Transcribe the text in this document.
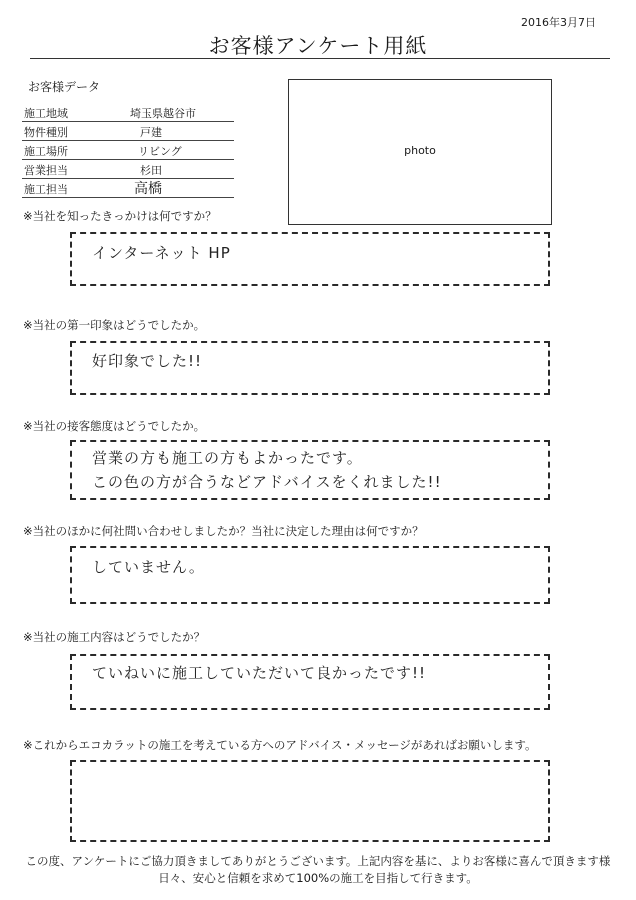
2016年3月7日
お客様アンケート用紙
お客様データ
施工地域	埼玉県越谷市
物件種別	戸建
施工場所	リビング
営業担当	杉田
施工担当	高橋
photo
※当社を知ったきっかけは何ですか？
インターネット HP
※当社の第一印象はどうでしたか。
好印象でした!!
※当社の接客態度はどうでしたか。
営業の方も施工の方もよかったです。
この色の方が合うなどアドバイスをくれました!!
※当社のほかに何社問い合わせしましたか？当社に決定した理由は何ですか？
していません。
※当社の施工内容はどうでしたか？
ていねいに施工していただいて良かったです!!
※これからエコカラットの施工を考えている方へのアドバイス・メッセージがあればお願いします。
この度、アンケートにご協力頂きましてありがとうございます。上記内容を基に、よりお客様に喜んで頂きます様
日々、安心と信頼を求めて100%の施工を目指して行きます。
